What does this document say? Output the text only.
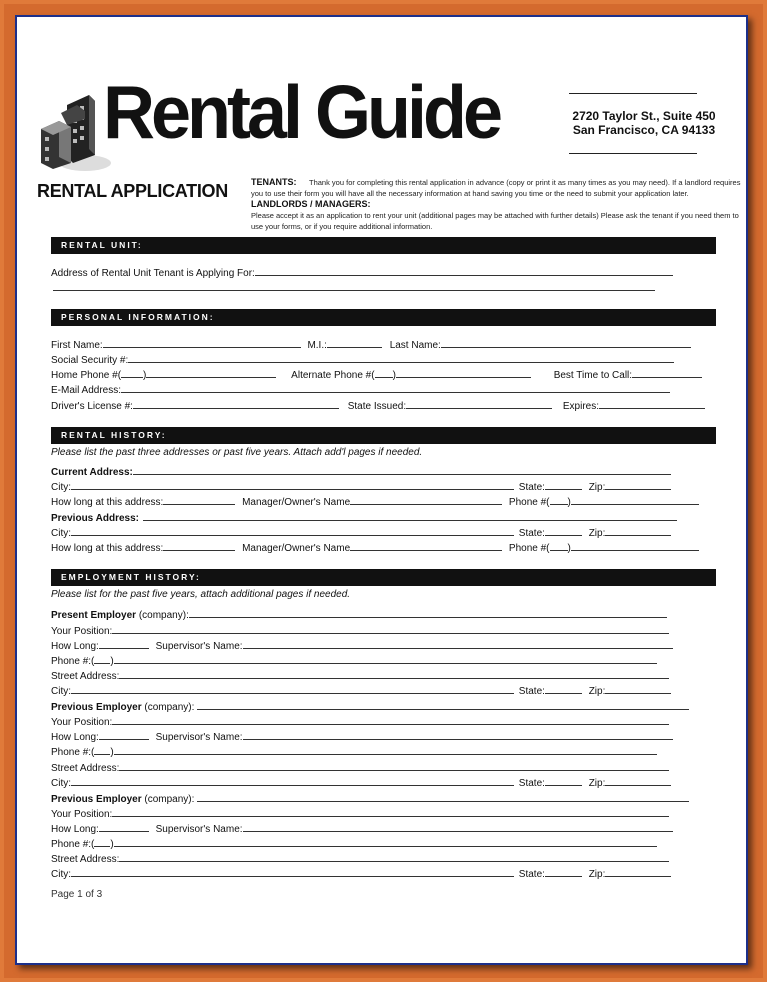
Rental Guide	2720 Taylor St., Suite 450
San Francisco, CA 94133
RENTAL APPLICATION	TENANTS: Thank you for completing this rental application in advance (copy or print it as many times as you may need). If a landlord requires you to use their form you will have all the necessary information at hand saving you time or the need to submit your application later.
LANDLORDS / MANAGERS:
Please accept it as an application to rent your unit (additional pages may be attached with further details) Please ask the tenant if you need them to use your forms, or if you require additional information.
RENTAL UNIT:
Address of Rental Unit Tenant is Applying For:
PERSONAL INFORMATION:
First Name:	M.I.:	Last Name:
Social Security #:
Home Phone #( )	Alternate Phone #( )	Best Time to Call:
E-Mail Address:
Driver's License #:	State Issued:	Expires:
RENTAL HISTORY:
Please list the past three addresses or past five years. Attach add'l pages if needed.
Current Address:
City:	State:	Zip:
How long at this address:	Manager/Owner's Name	Phone #( )
Previous Address:
City:	State:	Zip:
How long at this address:	Manager/Owner's Name	Phone #( )
EMPLOYMENT HISTORY:
Please list for the past five years, attach additional pages if needed.
Present Employer (company):
Your Position:
How Long:	Supervisor's Name:
Phone #:( )
Street Address:
City:	State:	Zip:
Previous Employer (company):
Your Position:
How Long:	Supervisor's Name:
Phone #:( )
Street Address:
City:	State:	Zip:
Previous Employer (company):
Your Position:
How Long:	Supervisor's Name:
Phone #:( )
Street Address:
City:	State:	Zip:
Page 1 of 3
